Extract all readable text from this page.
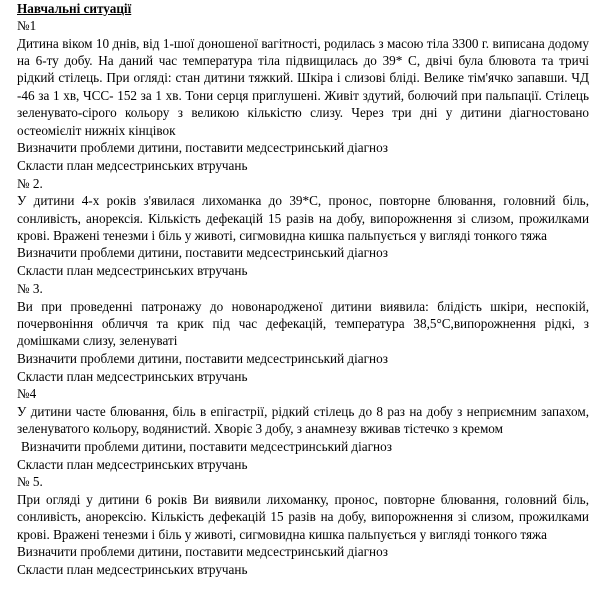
Навчальні ситуації
№1
Дитина віком 10 днів, від 1-шої доношеної вагітності, родилась з масою тіла 3300 г. виписана додому на 6-ту добу. На даний час температура тіла підвищилась до 39* С, двічі була блювота та тричі рідкий стілець. При огляді: стан дитини тяжкий. Шкіра і слизові бліді. Велике тім'ячко запавши. ЧД -46 за 1 хв, ЧСС- 152 за 1 хв. Тони серця приглушені. Живіт здутий, болючий при пальпації. Стілець зеленувато-сірого кольору з великою кількістю слизу. Через три дні у дитини діагностовано остеомієліт нижніх кінцівок
Визначити проблеми дитини, поставити медсестринський діагноз
Скласти план медсестринських втручань
№ 2.
У дитини 4-х років з'явилася лихоманка до 39*С, пронос, повторне блювання, головний біль, сонливість, анорексія. Кількість дефекацій 15 разів на добу, випорожнення зі слизом, прожилками крові. Вражені тенезми і біль у животі, сигмовидна кишка пальпується у вигляді тонкого тяжа
Визначити проблеми дитини, поставити медсестринський діагноз
Скласти план медсестринських втручань
№ 3.
Ви при проведенні патронажу до новонародженої дитини виявила: блідість шкіри, неспокій, почервоніння обличчя та крик під час дефекацій, температура 38,5°С,випорожнення рідкі, з домішками слизу, зеленуваті
Визначити проблеми дитини, поставити медсестринський діагноз
Скласти план медсестринських втручань
№4
У дитини часте блювання, біль в епігастрії, рідкий стілець до 8 раз на добу з неприємним запахом, зеленуватого кольору, водянистий. Хворіє 3 добу, з анамнезу вживав тістечко з кремом
Визначити проблеми дитини, поставити медсестринський діагноз
Скласти план медсестринських втручань
№ 5.
При огляді у дитини 6 років Ви виявили лихоманку, пронос, повторне блювання, головний біль, сонливість, анорексію. Кількість дефекацій 15 разів на добу, випорожнення зі слизом, прожилками крові. Вражені тенезми і біль у животі, сигмовидна кишка пальпується у вигляді тонкого тяжа
Визначити проблеми дитини, поставити медсестринський діагноз
Скласти план медсестринських втручань
